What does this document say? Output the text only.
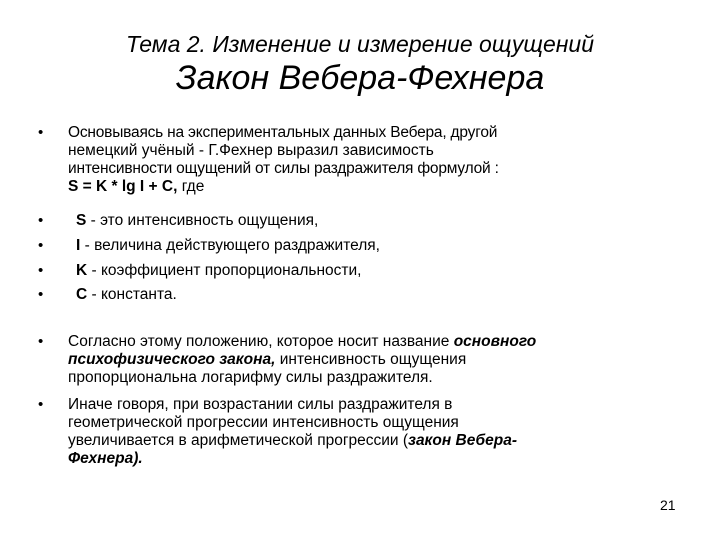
Тема 2. Изменение и измерение ощущений
Закон Вебера-Фехнера
• Основываясь на экспериментальных данных Вебера, другой
немецкий учёный - Г.Фехнер выразил зависимость
интенсивности ощущений от силы раздражителя формулой :
S = K * lg I + C, где
• S - это интенсивность ощущения,
• I - величина действующего раздражителя,
• K - коэффициент пропорциональности,
• С - константа.
• Согласно этому положению, которое носит название основного
психофизического закона, интенсивность ощущения
пропорциональна логарифму силы раздражителя.
• Иначе говоря, при возрастании силы раздражителя в
геометрической прогрессии интенсивность ощущения
увеличивается в арифметической прогрессии (закон Вебера-
Фехнера).
21
